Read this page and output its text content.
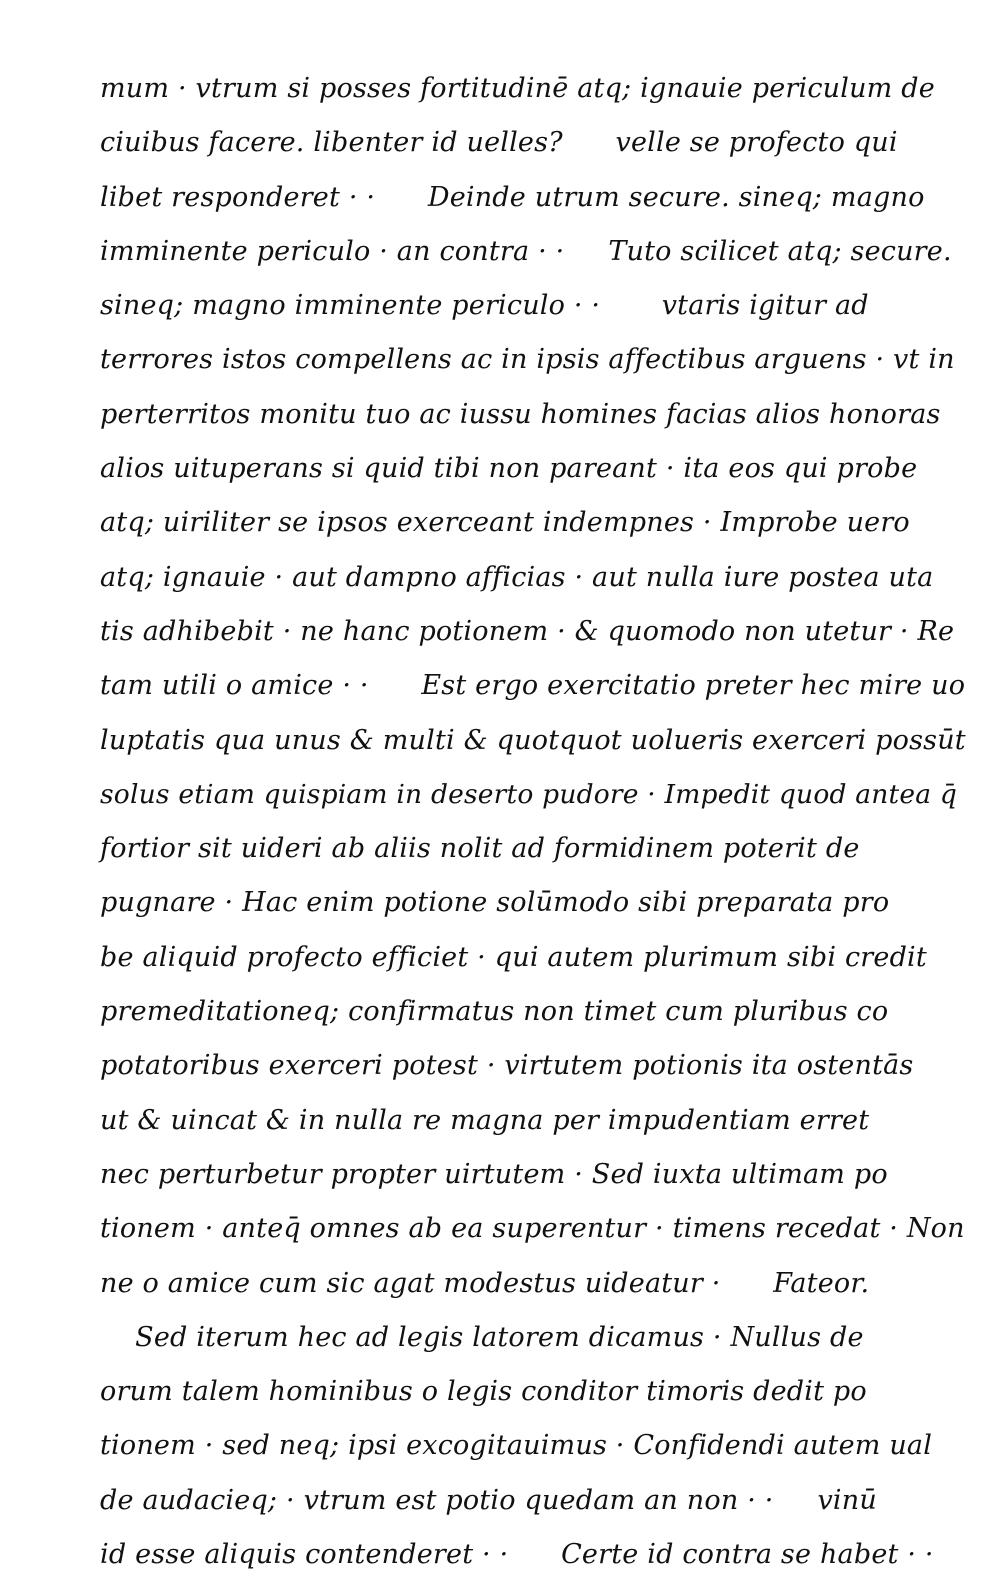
mum · vtrum si posses fortitudinē atq; ignauie periculum de
ciuibus facere. libenter id uelles?      velle se profecto qui
libet responderet · ·      Deinde utrum secure. sineq; magno
imminente periculo · an contra · ·     Tuto scilicet atq; secure.
sineq; magno imminente periculo · ·       vtaris igitur ad
terrores istos compellens ac in ipsis affectibus arguens · vt in
perterritos monitu tuo ac iussu homines facias alios honoras
alios uituperans si quid tibi non pareant · ita eos qui probe
atq; uiriliter se ipsos exerceant indempnes · Improbe uero
atq; ignauie · aut dampno afficias · aut nulla iure postea uta
tis adhibebit · ne hanc potionem · & quomodo non utetur · Re
tam utili o amice · ·      Est ergo exercitatio preter hec mire uo
luptatis qua unus & multi & quotquot uolueris exerceri possūt
solus etiam quispiam in deserto pudore · Impedit quod antea q̄
fortior sit uideri ab aliis nolit ad formidinem poterit de
pugnare · Hac enim potione solūmodo sibi preparata pro
be aliquid profecto efficiet · qui autem plurimum sibi credit
premeditationeq; confirmatus non timet cum pluribus co
potatoribus exerceri potest · virtutem potionis ita ostentās
ut & uincat & in nulla re magna per impudentiam erret
nec perturbetur propter uirtutem · Sed iuxta ultimam po
tionem · anteq̄ omnes ab ea superentur · timens recedat · Non
ne o amice cum sic agat modestus uideatur ·      Fateor.
Sed iterum hec ad legis latorem dicamus · Nullus de
orum talem hominibus o legis conditor timoris dedit po
tionem · sed neq; ipsi excogitauimus · Confidendi autem ual
de audacieq; · vtrum est potio quedam an non · ·     vinū
id esse aliquis contenderet · ·      Certe id contra se habet · ·
